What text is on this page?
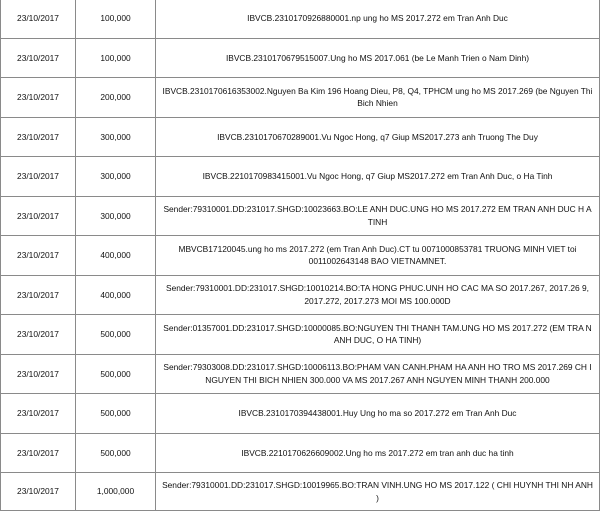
23/10/2017	100,000	IBVCB.2310170926880001.np ung ho MS 2017.272 em Tran Anh Duc
23/10/2017	100,000	IBVCB.2310170679515007.Ung ho MS 2017.061 (be Le Manh Trien o Nam Dinh)
23/10/2017	200,000	IBVCB.2310170616353002.Nguyen Ba Kim 196 Hoang Dieu, P8, Q4, TPHCM ung ho MS 2017.269 (be Nguyen Thi Bich Nhien
23/10/2017	300,000	IBVCB.2310170670289001.Vu Ngoc Hong, q7 Giup MS2017.273 anh Truong The Duy
23/10/2017	300,000	IBVCB.2210170983415001.Vu Ngoc Hong, q7 Giup MS2017.272 em Tran Anh Duc, o Ha Tinh
23/10/2017	300,000	Sender:79310001.DD:231017.SHGD:10023663.BO:LE ANH DUC.UNG HO MS 2017.272 EM TRAN ANH DUC H A TINH
23/10/2017	400,000	MBVCB17120045.ung ho ms 2017.272 (em Tran Anh Duc).CT tu 0071000853781 TRUONG MINH VIET toi 0011002643148 BAO VIETNAMNET.
23/10/2017	400,000	Sender:79310001.DD:231017.SHGD:10010214.BO:TA HONG PHUC.UNH HO CAC MA SO 2017.267, 2017.26 9, 2017.272, 2017.273 MOI MS 100.000D
23/10/2017	500,000	Sender:01357001.DD:231017.SHGD:10000085.BO:NGUYEN THI THANH TAM.UNG HO MS 2017.272 (EM TRA N ANH DUC, O HA TINH)
23/10/2017	500,000	Sender:79303008.DD:231017.SHGD:10006113.BO:PHAM VAN CANH.PHAM HA ANH HO TRO MS 2017.269 CH I NGUYEN THI BICH NHIEN 300.000 VA MS 2017.267 ANH NGUYEN MINH THANH 200.000
23/10/2017	500,000	IBVCB.2310170394438001.Huy Ung ho ma so 2017.272 em Tran Anh Duc
23/10/2017	500,000	IBVCB.2210170626609002.Ung ho ms 2017.272 em tran anh duc ha tinh
23/10/2017	1,000,000	Sender:79310001.DD:231017.SHGD:10019965.BO:TRAN VINH.UNG HO MS 2017.122 ( CHI HUYNH THI NH ANH )
